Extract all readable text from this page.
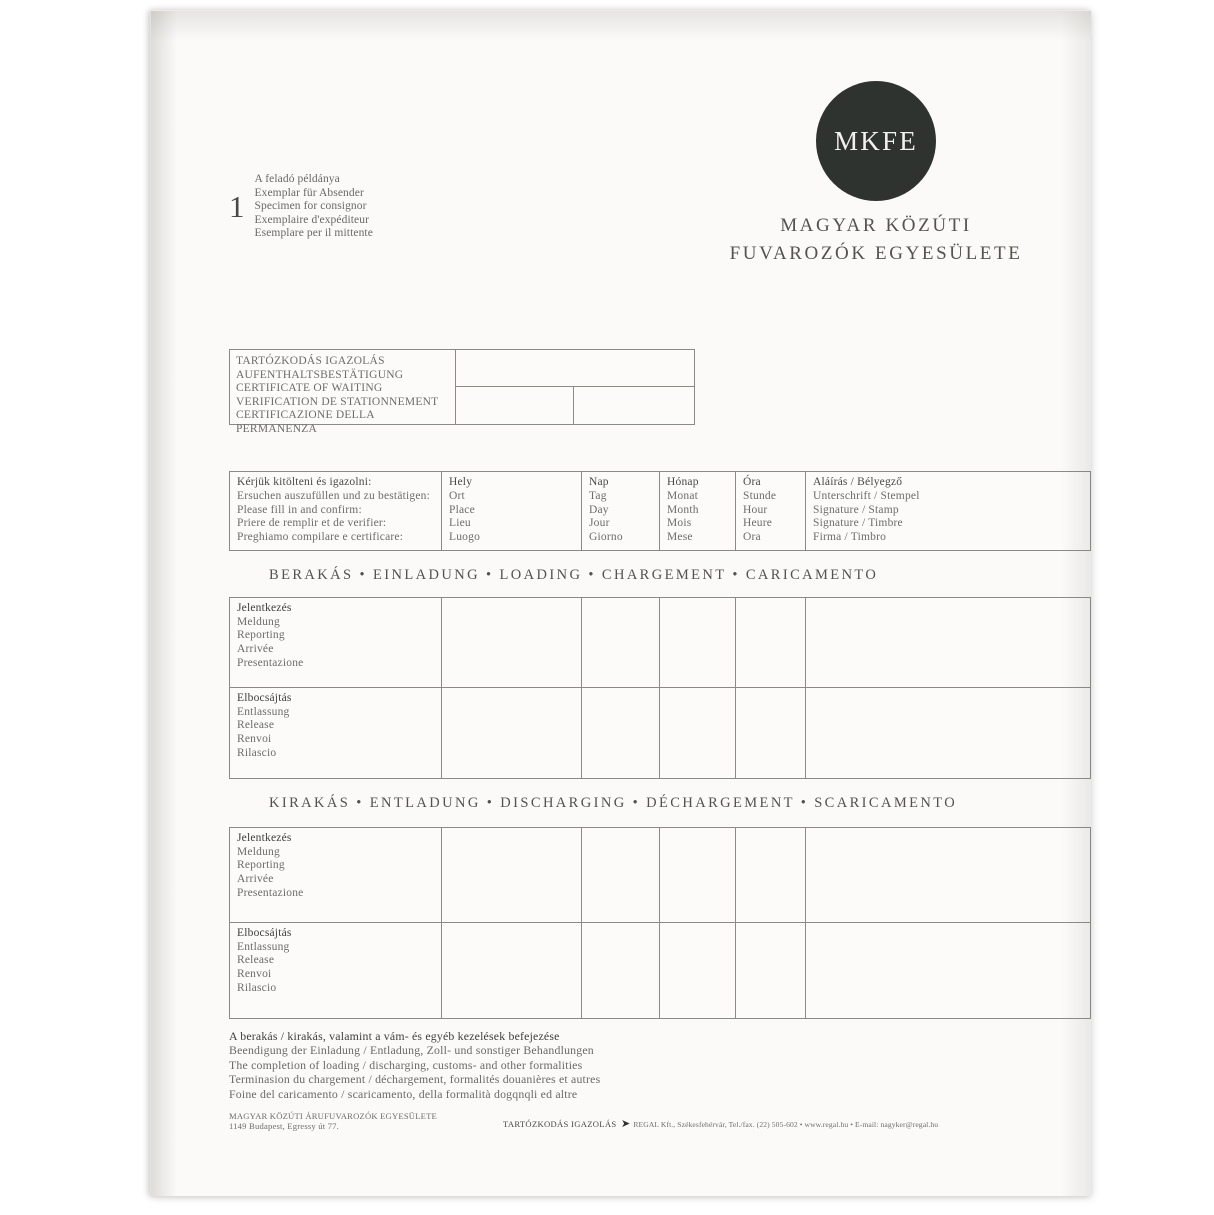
1
A feladó példánya
Exemplar für Absender
Specimen for consignor
Exemplaire d'expéditeur
Esemplare per il mittente
MKFE
MAGYAR KÖZÚTI
FUVAROZÓK EGYESÜLETE
TARTÓZKODÁS IGAZOLÁS
AUFENTHALTSBESTÄTIGUNG
CERTIFICATE OF WAITING
VERIFICATION DE STATIONNEMENT
CERTIFICAZIONE DELLA PERMANENZA
Kérjük kitölteni és igazolni:
Ersuchen auszufüllen und zu bestätigen:
Please fill in and confirm:
Priere de remplir et de verifier:
Preghiamo compilare e certificare:
Hely
Ort
Place
Lieu
Luogo
Nap
Tag
Day
Jour
Giorno
Hónap
Monat
Month
Mois
Mese
Óra
Stunde
Hour
Heure
Ora
Aláírás / Bélyegző
Unterschrift / Stempel
Signature / Stamp
Signature / Timbre
Firma / Timbro
BERAKÁS • EINLADUNG • LOADING • CHARGEMENT • CARICAMENTO
Jelentkezés
Meldung
Reporting
Arrivée
Presentazione
Elbocsájtás
Entlassung
Release
Renvoi
Rilascio
KIRAKÁS • ENTLADUNG • DISCHARGING • DÉCHARGEMENT • SCARICAMENTO
Jelentkezés
Meldung
Reporting
Arrivée
Presentazione
Elbocsájtás
Entlassung
Release
Renvoi
Rilascio
A berakás / kirakás, valamint a vám- és egyéb kezelések befejezése
Beendigung der Einladung / Entladung, Zoll- und sonstiger Behandlungen
The completion of loading / discharging, customs- and other formalities
Terminasion du chargement / déchargement, formalités douanières et autres
Foine del caricamento / scaricamento, della formalità dogqnqli ed altre
MAGYAR KÖZÚTI ÁRUFUVAROZÓK EGYESÜLETE
1149 Budapest, Egressy út 77.	TARTÓZKODÁS IGAZOLÁS ➤ REGAL Kft., Székesfehérvár, Tel./fax. (22) 505-602 • www.regal.hu • E-mail: nagyker@regal.hu
